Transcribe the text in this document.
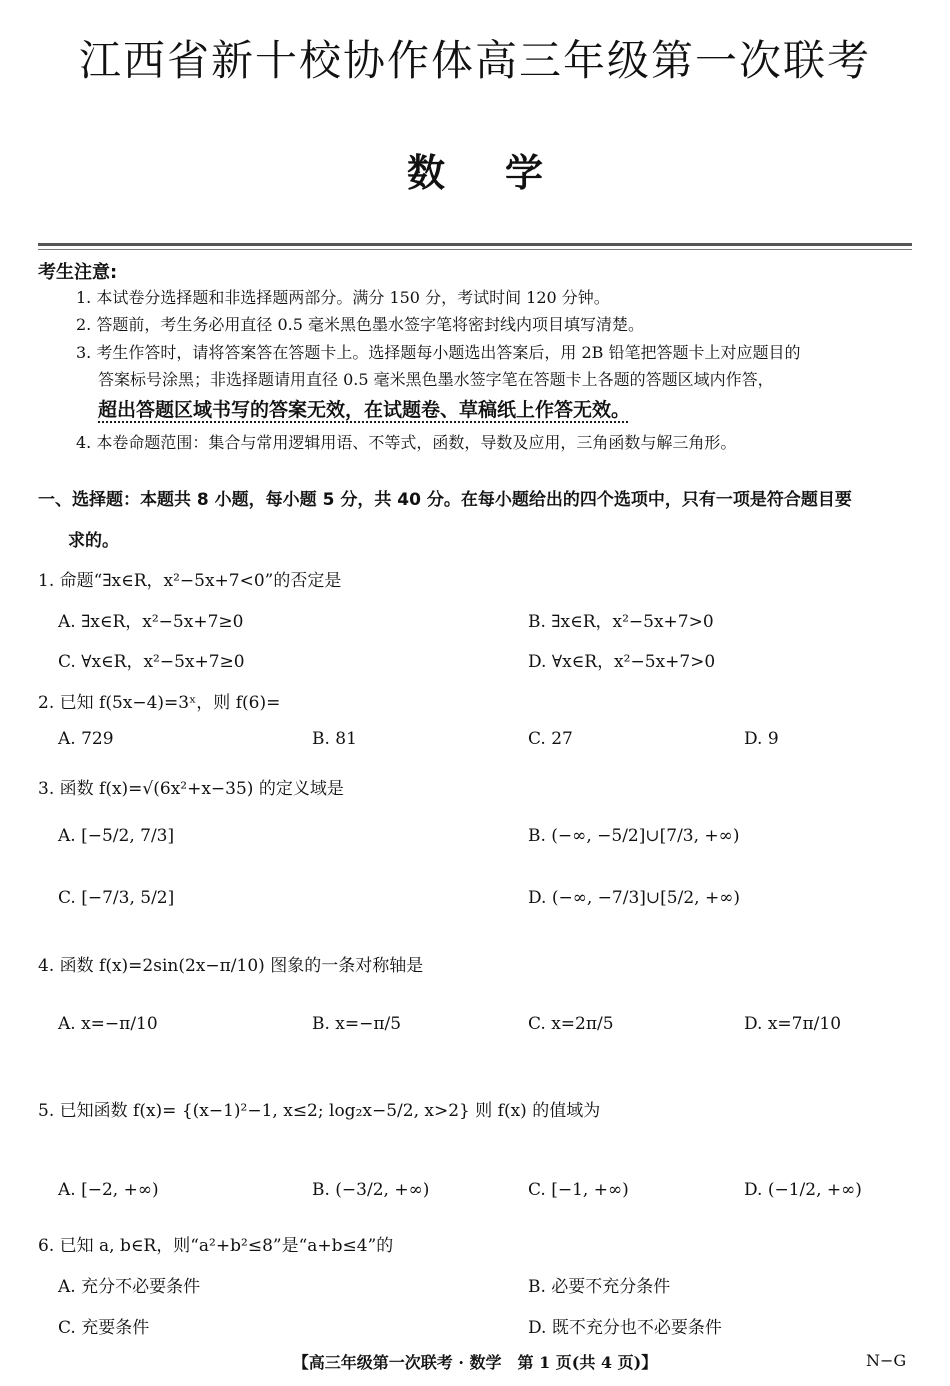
江西省新十校协作体高三年级第一次联考
数学
考生注意:
1. 本试卷分选择题和非选择题两部分。满分 150 分，考试时间 120 分钟。
2. 答题前，考生务必用直径 0.5 毫米黑色墨水签字笔将密封线内项目填写清楚。
3. 考生作答时，请将答案答在答题卡上。选择题每小题选出答案后，用 2B 铅笔把答题卡上对应题目的
答案标号涂黑；非选择题请用直径 0.5 毫米黑色墨水签字笔在答题卡上各题的答题区域内作答，
超出答题区域书写的答案无效，在试题卷、草稿纸上作答无效。
4. 本卷命题范围：集合与常用逻辑用语、不等式，函数，导数及应用，三角函数与解三角形。
一、选择题：本题共 8 小题，每小题 5 分，共 40 分。在每小题给出的四个选项中，只有一项是符合题目要
求的。
1. 命题“∃x∈R，x²−5x+7<0”的否定是
A. ∃x∈R，x²−5x+7≥0	B. ∃x∈R，x²−5x+7>0
C. ∀x∈R，x²−5x+7≥0	D. ∀x∈R，x²−5x+7>0
2. 已知 f(5x−4)=3ˣ，则 f(6)=
A. 729	B. 81	C. 27	D. 9
3. 函数 f(x)=√(6x²+x−35) 的定义域是
A. [−5/2, 7/3]	B. (−∞, −5/2]∪[7/3, +∞)
C. [−7/3, 5/2]	D. (−∞, −7/3]∪[5/2, +∞)
4. 函数 f(x)=2sin(2x−π/10) 图象的一条对称轴是
A. x=−π/10	B. x=−π/5	C. x=2π/5	D. x=7π/10
5. 已知函数 f(x)= {(x−1)²−1, x≤2; log₂x−5/2, x>2} 则 f(x) 的值域为
A. [−2, +∞)	B. (−3/2, +∞)	C. [−1, +∞)	D. (−1/2, +∞)
6. 已知 a, b∈R，则“a²+b²≤8”是“a+b≤4”的
A. 充分不必要条件	B. 必要不充分条件
C. 充要条件	D. 既不充分也不必要条件
【高三年级第一次联考 · 数学　第 1 页(共 4 页)】	N−G
